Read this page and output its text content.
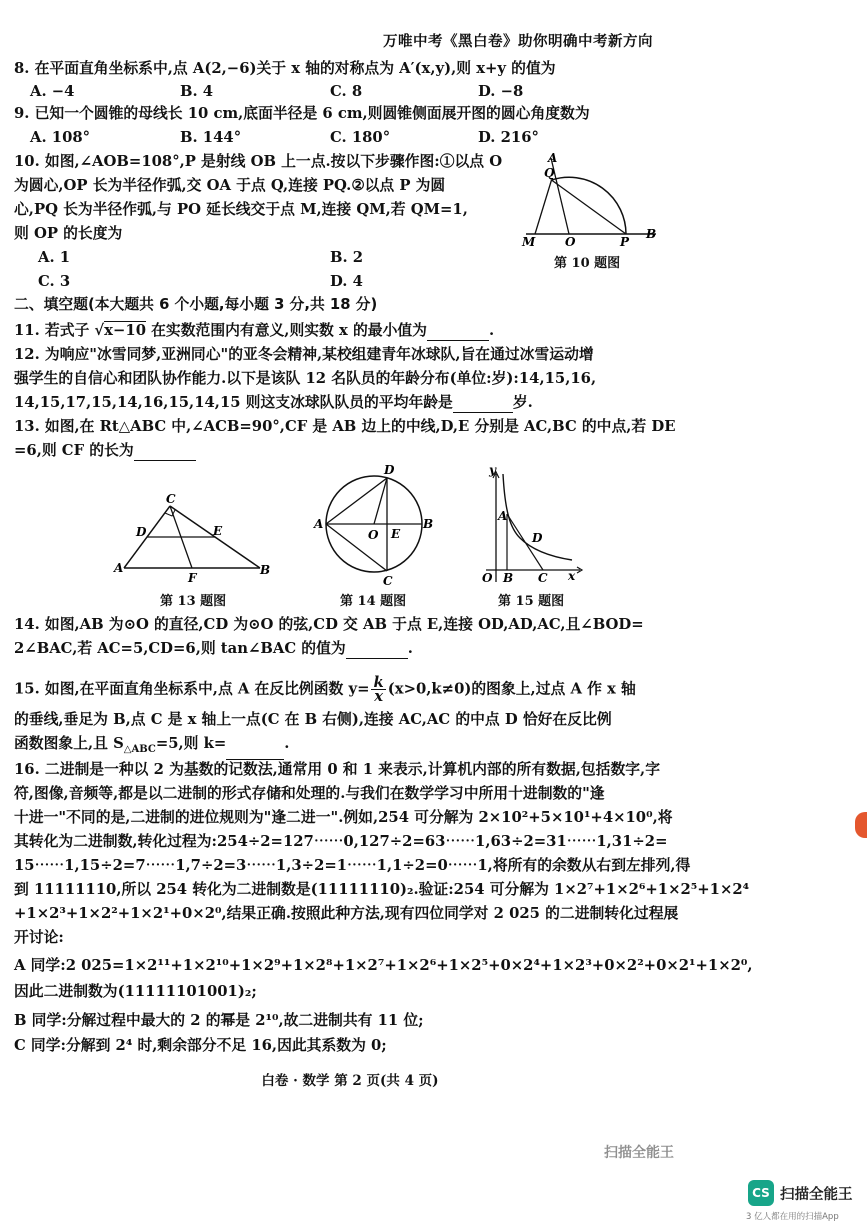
万唯中考《黑白卷》助你明确中考新方向
8. 在平面直角坐标系中,点 A(2,−6)关于 x 轴的对称点为 A′(x,y),则 x+y 的值为
9. 已知一个圆锥的母线长 10 cm,底面半径是 6 cm,则圆锥侧面展开图的圆心角度数为
10. 如图,∠AOB=108°,P 是射线 OB 上一点.按以下步骤作图:①以点 O
为圆心,OP 长为半径作弧,交 OA 于点 Q,连接 PQ.②以点 P 为圆
心,PQ 长为半径作弧,与 PO 延长线交于点 M,连接 QM,若 QM=1,
则 OP 的长度为
二、填空题(本大题共 6 个小题,每小题 3 分,共 18 分)
12. 为响应"冰雪同梦,亚洲同心"的亚冬会精神,某校组建青年冰球队,旨在通过冰雪运动增
强学生的自信心和团队协作能力.以下是该队 12 名队员的年龄分布(单位:岁):14,15,16,
13. 如图,在 Rt△ABC 中,∠ACB=90°,CF 是 AB 边上的中线,D,E 分别是 AC,BC 的中点,若 DE
14. 如图,AB 为⊙O 的直径,CD 为⊙O 的弦,CD 交 AB 于点 E,连接 OD,AD,AC,且∠BOD=
的垂线,垂足为 B,点 C 是 x 轴上一点(C 在 B 右侧),连接 AC,AC 的中点 D 恰好在反比例
16. 二进制是一种以 2 为基数的记数法,通常用 0 和 1 来表示,计算机内部的所有数据,包括数字,字
符,图像,音频等,都是以二进制的形式存储和处理的.与我们在数学学习中所用十进制数的"逢
十进一"不同的是,二进制的进位规则为"逢二进一".例如,254 可分解为 2×10²+5×10¹+4×10⁰,将
其转化为二进制数,转化过程为:254÷2=127⋯⋯0,127÷2=63⋯⋯1,63÷2=31⋯⋯1,31÷2=
15⋯⋯1,15÷2=7⋯⋯1,7÷2=3⋯⋯1,3÷2=1⋯⋯1,1÷2=0⋯⋯1,将所有的余数从右到左排列,得
到 11111110,所以 254 转化为二进制数是(11111110)₂.验证:254 可分解为 1×2⁷+1×2⁶+1×2⁵+1×2⁴
+1×2³+1×2²+1×2¹+0×2⁰,结果正确.按照此种方法,现有四位同学对 2 025 的二进制转化过程展
开讨论:
A 同学:2 025=1×2¹¹+1×2¹⁰+1×2⁹+1×2⁸+1×2⁷+1×2⁶+1×2⁵+0×2⁴+1×2³+0×2²+0×2¹+1×2⁰,
因此二进制数为(11111101001)₂;
B 同学:分解过程中最大的 2 的幂是 2¹⁰,故二进制共有 11 位;
C 同学:分解到 2⁴ 时,剩余部分不足 16,因此其系数为 0;
11. 若式子 √x−10 在实数范围内有意义,则实数 x 的最小值为	.
14,15,17,15,14,16,15,14,15 则这支冰球队队员的平均年龄是	岁.
=6,则 CF 的长为
2∠BAC,若 AC=5,CD=6,则 tan∠BAC 的值为	.
15. 如图,在平面直角坐标系中,点 A 在反比例函数 $y= \frac{k}{x} (x>0,k\ne 0)$的图象上,过点 A 作 x 轴
函数图象上,且 $S_{\triangle ABC}=5$,则 k=	.
A. −4	B. 4	C. 8	D. −8
A. 108°	B. 144°	C. 180°	D. 216°
A. 1	B. 2
C. 3	D. 4
Q
A
M O	P
B
第 10 题图
C
D	E
A
F
B
第 13 题图
D
A
O E
B
C
第 14 题图
y
A
D
O B C x
第 15 题图
白卷 · 数学 第 2 页(共 4 页)
扫描全能王
CS 扫描全能王
3 亿人都在用的扫描App
